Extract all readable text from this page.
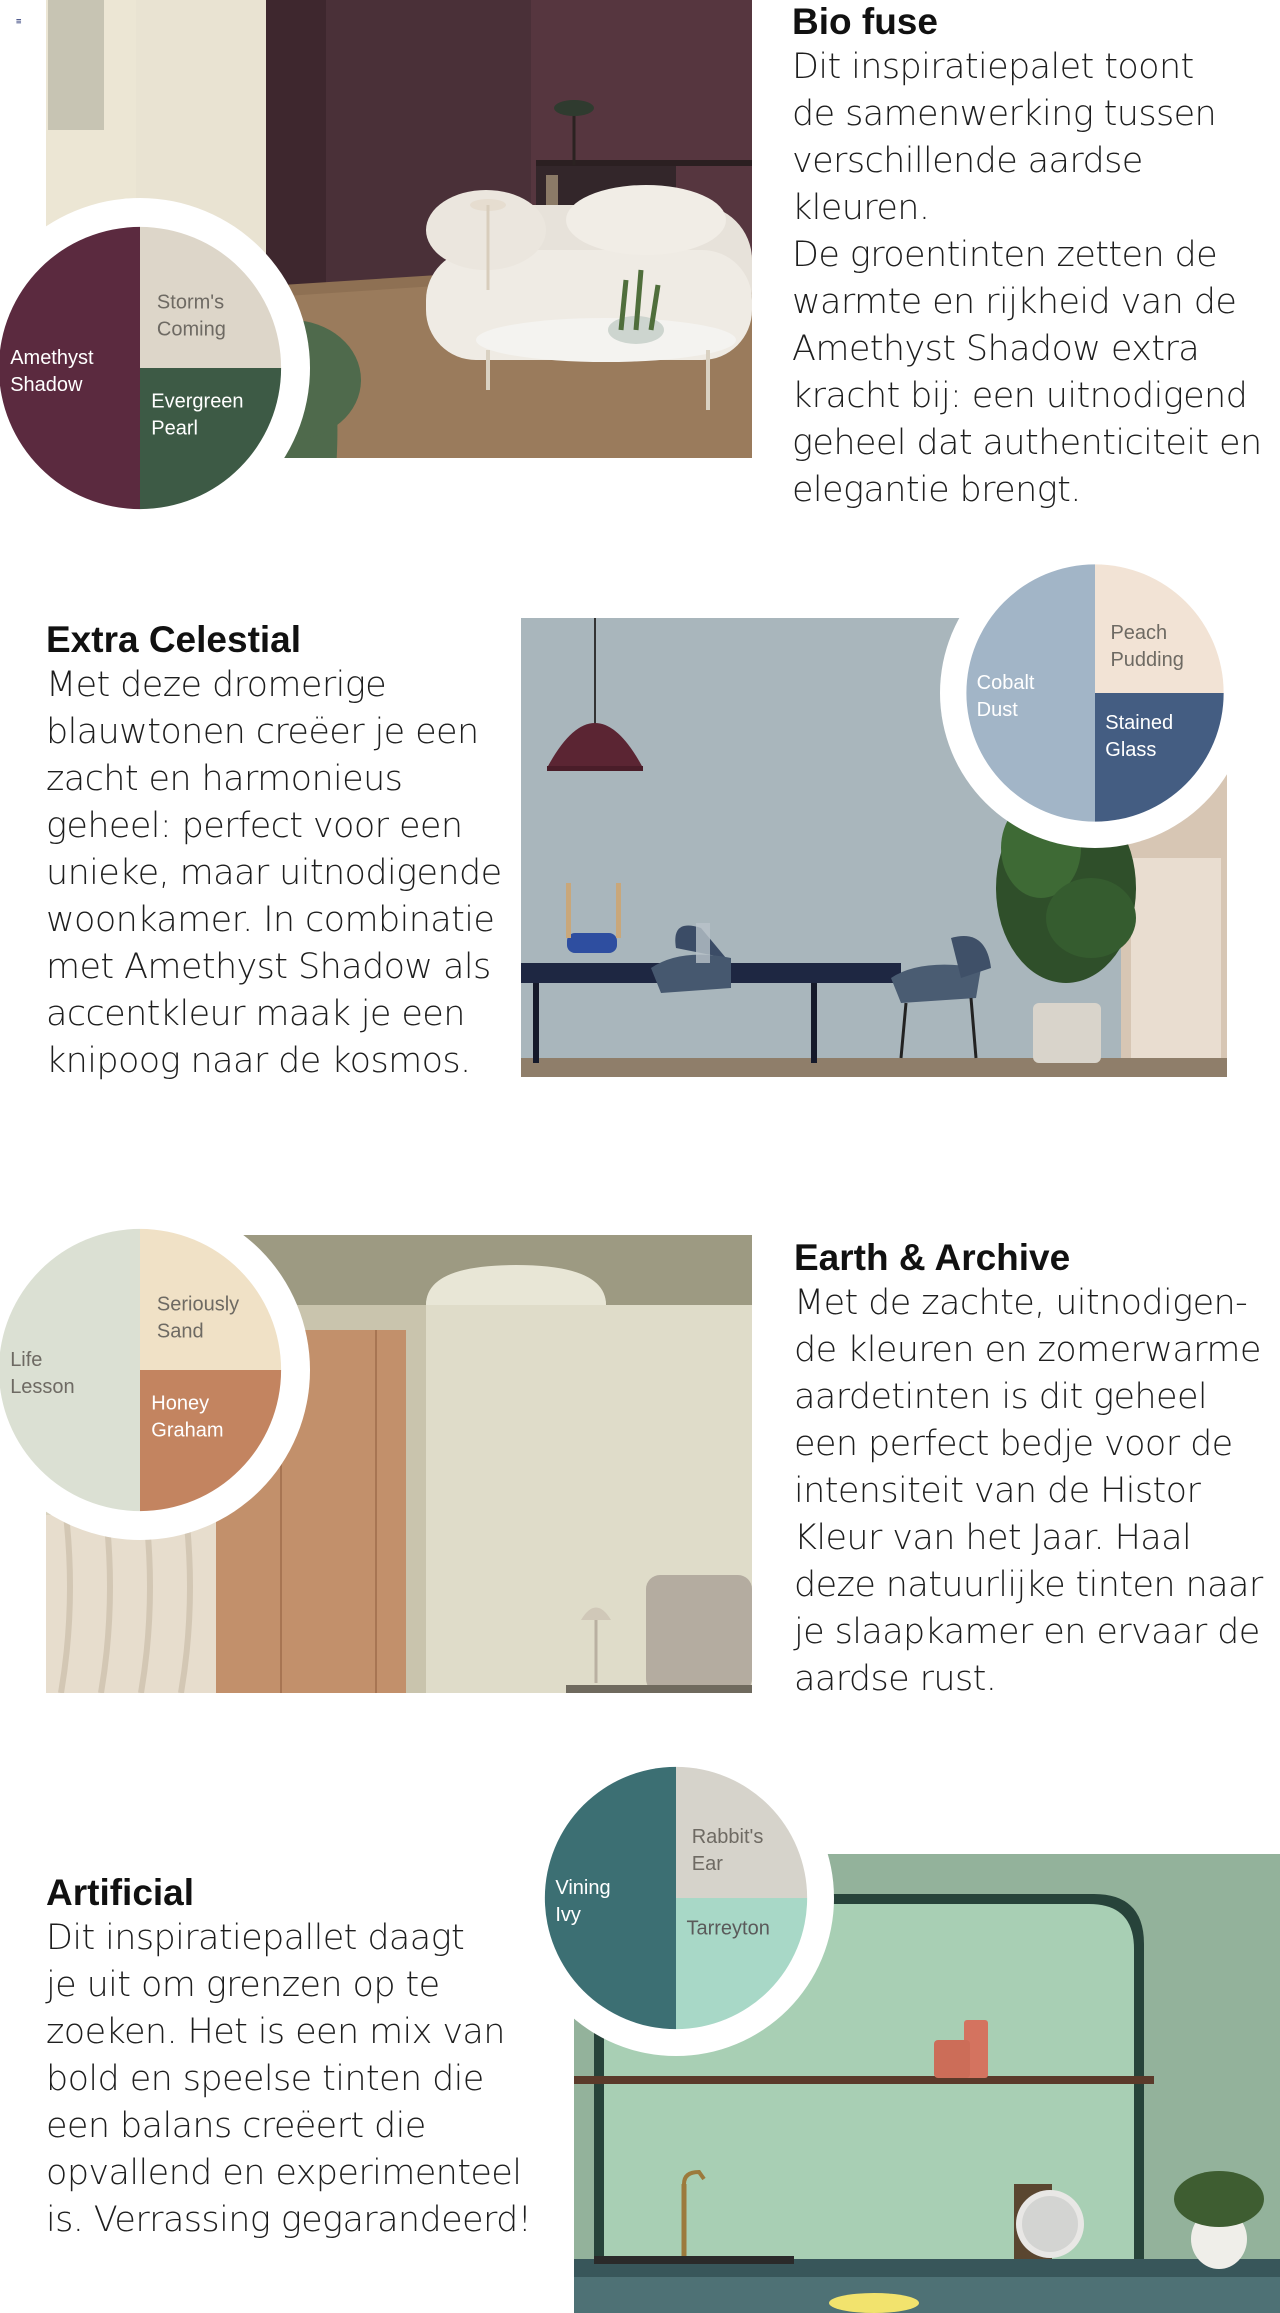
≡
Amethyst Shadow
Storm's Coming
Evergreen Pearl
Bio fuse

Dit inspiratiepalet toont
de samenwerking tussen
verschillende aardse kleuren.
De groentinten zetten de
warmte en rijkheid van de
Amethyst Shadow extra
kracht bij: een uitnodigend
geheel dat authenticiteit en
elegantie brengt.

Extra Celestial

Met deze dromerige
blauwtonen creëer je een
zacht en harmonieus
geheel: perfect voor een
unieke, maar uitnodigende
woonkamer. In combinatie
met Amethyst Shadow als
accentkleur maak je een
knipoog naar de kosmos.

Cobalt Dust
Peach Pudding
Stained Glass
Life Lesson
Seriously Sand
Honey Graham
Earth & Archive

Met de zachte, uitnodigen-
de kleuren en zomerwarme
aardetinten is dit geheel
een perfect bedje voor de
intensiteit van de Histor
Kleur van het Jaar. Haal
deze natuurlijke tinten naar
je slaapkamer en ervaar de
aardse rust.

Artificial

Dit inspiratiepallet daagt
je uit om grenzen op te
zoeken. Het is een mix van
bold en speelse tinten die
een balans creëert die
opvallend en experimenteel
is. Verrassing gegarandeerd!

Vining Ivy
Rabbit's Ear
Tarreyton
